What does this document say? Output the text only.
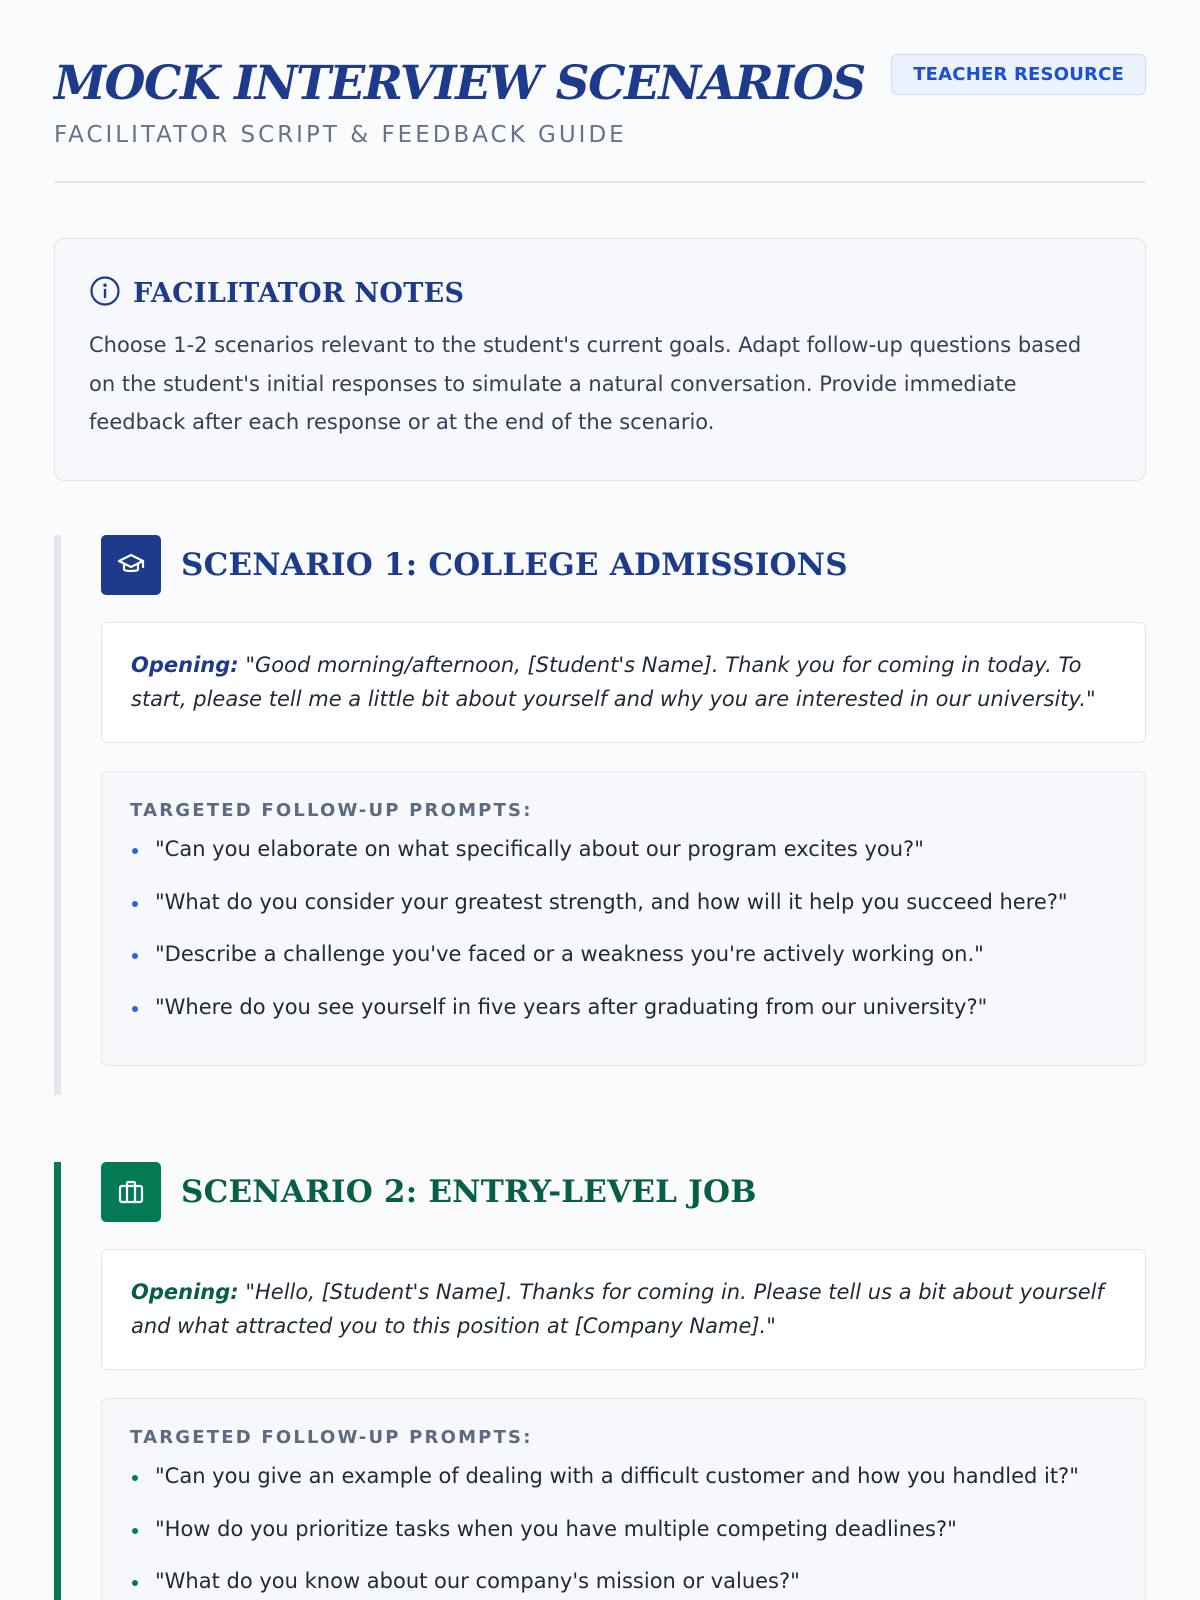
MOCK INTERVIEW SCENARIOS
FACILITATOR SCRIPT & FEEDBACK GUIDE
TEACHER RESOURCE
FACILITATOR NOTES

Choose 1-2 scenarios relevant to the student's current goals. Adapt follow-up questions based on the student's initial responses to simulate a natural conversation. Provide immediate feedback after each response or at the end of the scenario.

SCENARIO 1: COLLEGE ADMISSIONS
Opening: "Good morning/afternoon, [Student's Name]. Thank you for coming in today. To start, please tell me a little bit about yourself and why you are interested in our university."
TARGETED FOLLOW-UP PROMPTS:
"Can you elaborate on what specifically about our program excites you?"
"What do you consider your greatest strength, and how will it help you succeed here?"
"Describe a challenge you've faced or a weakness you're actively working on."
"Where do you see yourself in five years after graduating from our university?"
SCENARIO 2: ENTRY-LEVEL JOB
Opening: "Hello, [Student's Name]. Thanks for coming in. Please tell us a bit about yourself and what attracted you to this position at [Company Name]."
TARGETED FOLLOW-UP PROMPTS:
"Can you give an example of dealing with a difficult customer and how you handled it?"
"How do you prioritize tasks when you have multiple competing deadlines?"
"What do you know about our company's mission or values?"
